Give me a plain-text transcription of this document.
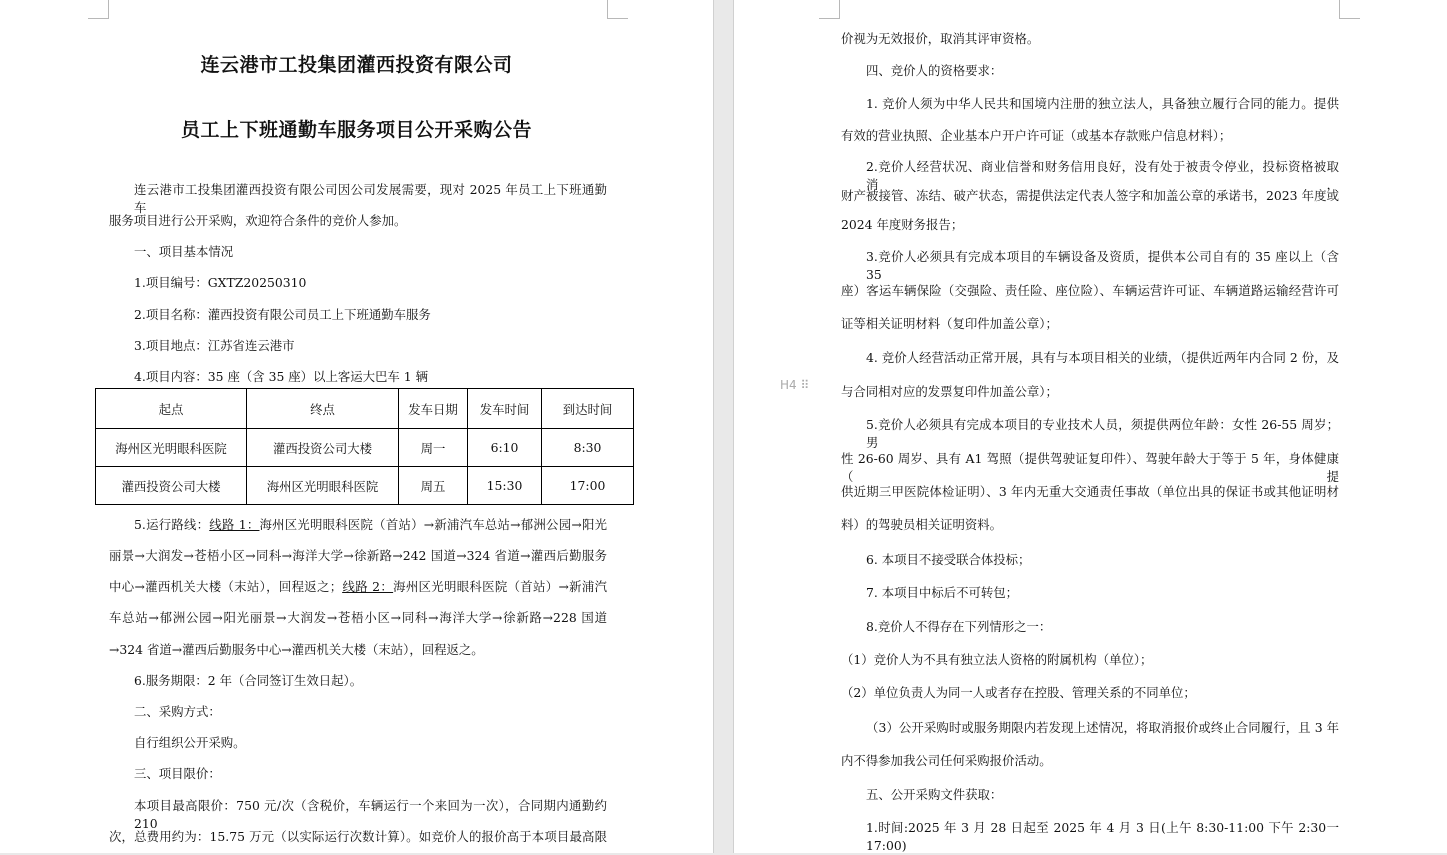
连云港市工投集团灌西投资有限公司
员工上下班通勤车服务项目公开采购公告
连云港市工投集团灌西投资有限公司因公司发展需要，现对 2025 年员工上下班通勤车
服务项目进行公开采购，欢迎符合条件的竞价人参加。
一、项目基本情况
1.项目编号：GXTZ20250310
2.项目名称：灌西投资有限公司员工上下班通勤车服务
3.项目地点：江苏省连云港市
4.项目内容：35 座（含 35 座）以上客运大巴车 1 辆
起点	终点	发车日期	发车时间	到达时间
海州区光明眼科医院	灌西投资公司大楼	周一	6:10	8:30
灌西投资公司大楼	海州区光明眼科医院	周五	15:30	17:00
5.运行路线：线路 1：海州区光明眼科医院（首站）→新浦汽车总站→郁洲公园→阳光
丽景→大润发→苍梧小区→同科→海洋大学→徐新路→242 国道→324 省道→灌西后勤服务
中心→灌西机关大楼（末站），回程返之；线路 2：海州区光明眼科医院（首站）→新浦汽
车总站→郁洲公园→阳光丽景→大润发→苍梧小区→同科→海洋大学→徐新路→228 国道
→324 省道→灌西后勤服务中心→灌西机关大楼（末站），回程返之。
6.服务期限：2 年（合同签订生效日起）。
二、采购方式：
自行组织公开采购。
三、项目限价：
本项目最高限价：750 元/次（含税价，车辆运行一个来回为一次），合同期内通勤约 210
次，总费用约为：15.75 万元（以实际运行次数计算）。如竞价人的报价高于本项目最高限
价视为无效报价，取消其评审资格。
四、竞价人的资格要求：
1. 竞价人须为中华人民共和国境内注册的独立法人，具备独立履行合同的能力。提供
有效的营业执照、企业基本户开户许可证（或基本存款账户信息材料）；
2.竞价人经营状况、商业信誉和财务信用良好，没有处于被责令停业，投标资格被取消，
财产被接管、冻结、破产状态，需提供法定代表人签字和加盖公章的承诺书，2023 年度或
2024 年度财务报告；
3.竞价人必须具有完成本项目的车辆设备及资质，提供本公司自有的 35 座以上（含 35
座）客运车辆保险（交强险、责任险、座位险）、车辆运营许可证、车辆道路运输经营许可
证等相关证明材料（复印件加盖公章）；
4. 竞价人经营活动正常开展，具有与本项目相关的业绩，（提供近两年内合同 2 份，及
与合同相对应的发票复印件加盖公章）；
5.竞价人必须具有完成本项目的专业技术人员，须提供两位年龄：女性 26-55 周岁；男
性 26-60 周岁、具有 A1 驾照（提供驾驶证复印件）、驾驶年龄大于等于 5 年，身体健康（提
供近期三甲医院体检证明）、3 年内无重大交通责任事故（单位出具的保证书或其他证明材
料）的驾驶员相关证明资料。
6. 本项目不接受联合体投标；
7. 本项目中标后不可转包；
8.竞价人不得存在下列情形之一：
（1）竞价人为不具有独立法人资格的附属机构（单位）；
（2）单位负责人为同一人或者存在控股、管理关系的不同单位；
（3）公开采购时或服务期限内若发现上述情况，将取消报价或终止合同履行，且 3 年
内不得参加我公司任何采购报价活动。
五、公开采购文件获取：
1.时间:2025 年 3 月 28 日起至 2025 年 4 月 3 日(上午 8:30-11:00 下午 2:30一17:00)
H4 ⠿
